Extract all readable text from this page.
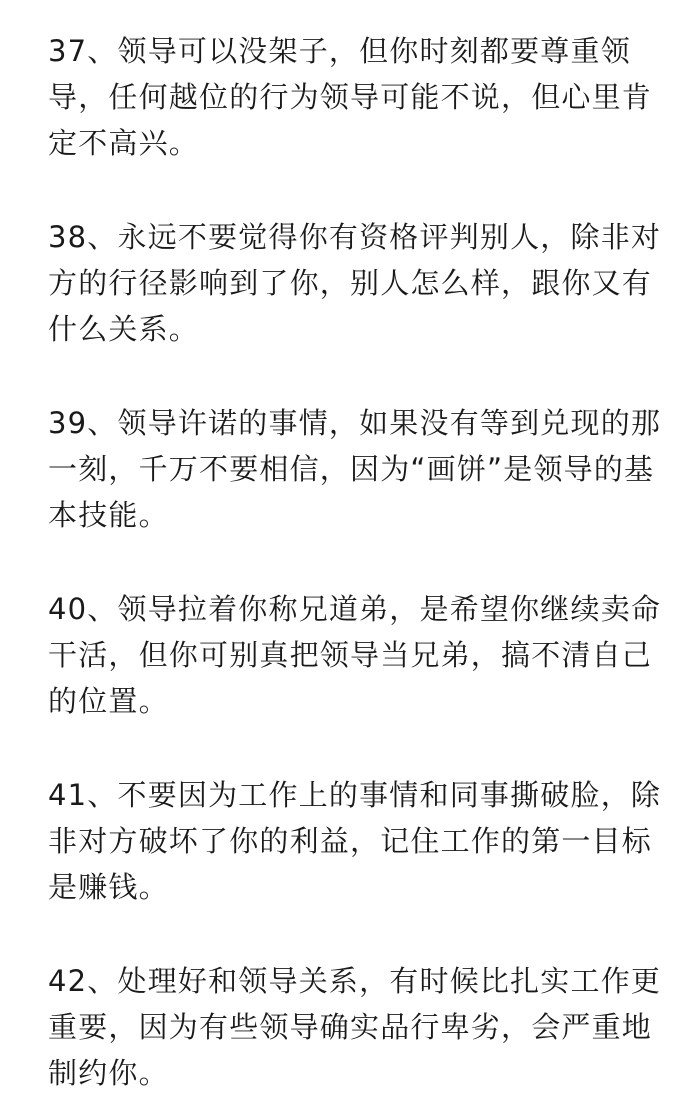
37、领导可以没架子，但你时刻都要尊重领
导，任何越位的行为领导可能不说，但心里肯
定不高兴。
38、永远不要觉得你有资格评判别人，除非对
方的行径影响到了你，别人怎么样，跟你又有
什么关系。
39、领导许诺的事情，如果没有等到兑现的那
一刻，千万不要相信，因为“画饼”是领导的基
本技能。
40、领导拉着你称兄道弟，是希望你继续卖命
干活，但你可别真把领导当兄弟，搞不清自己
的位置。
41、不要因为工作上的事情和同事撕破脸，除
非对方破坏了你的利益，记住工作的第一目标
是赚钱。
42、处理好和领导关系，有时候比扎实工作更
重要，因为有些领导确实品行卑劣，会严重地
制约你。
